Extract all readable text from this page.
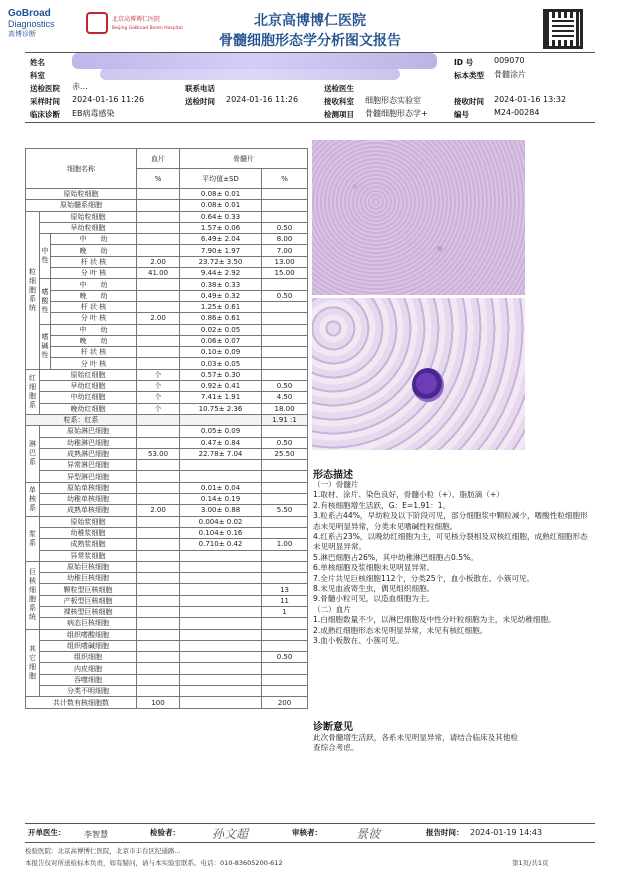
GoBroad
Diagnostics
高博诊断
北京高博博仁医院
Beijing GoBroad Boren Hospital	北京高博博仁医院
骨髓细胞形态学分析图文报告
姓名
科室
赤...
送检医院	联系电话
采样时间 2024-01-16 11:26	送检时间 2024-01-16 11:26
临床诊断 EB病毒感染
ID 号	009070
标本类型 骨髓涂片
送检医生
接收科室 细胞形态实验室	接收时间 2024-01-16 13:32
检测项目 骨髓细胞形态学+	编号	M24-00284
细胞名称			血片	骨髓片	
			%	平均值±SD	%
原始粒细胞				0.08± 0.01	
原始髓系细胞				0.08± 0.01	
粒细胞系统	原始粒细胞			0.64± 0.33	
	早幼粒细胞			1.57± 0.06	0.50
	中性	中　　幼		6.49± 2.04	8.00
		晚　　幼		7.90± 1.97	7.00
		杆 状 核	2.00	23.72± 3.50	13.00
		分 叶 核	41.00	9.44± 2.92	15.00
	嗜酸性	中　　幼		0.38± 0.33	
		晚　　幼		0.49± 0.32	0.50
		杆 状 核		1.25± 0.61	
		分 叶 核	2.00	0.86± 0.61	
	嗜碱性	中　　幼		0.02± 0.05	
		晚　　幼		0.06± 0.07	
		杆 状 核		0.10± 0.09	
		分 叶 核		0.03± 0.05	
红细胞系	原始红细胞		个	0.57± 0.30	
	早幼红细胞		个	0.92± 0.41	0.50
	中幼红细胞		个	7.41± 1.91	4.50
	晚幼红细胞		个	10.75± 2.36	18.00
粒系：红系					1.91 :1
淋巴系	原始淋巴细胞			0.05± 0.09	
	幼稚淋巴细胞			0.47± 0.84	0.50
	成熟淋巴细胞		53.00	22.78± 7.04	25.50
	异常淋巴细胞				
	异型淋巴细胞				
单核系	原始单核细胞			0.01± 0.04	
	幼稚单核细胞			0.14± 0.19	
	成熟单核细胞		2.00	3.00± 0.88	5.50
浆系	原始浆细胞			0.004± 0.02	
	幼稚浆细胞			0.104± 0.16	
	成熟浆细胞			0.710± 0.42	1.00
	异常浆细胞				
巨核细胞系统	原始巨核细胞				
	幼稚巨核细胞				
	颗粒型巨核细胞				13
	产板型巨核细胞				11
	裸核型巨核细胞				1
	病态巨核细胞				
其它细胞	组织嗜酸细胞				
	组织嗜碱细胞				
	组织细胞				0.50
	内皮细胞				
	吞噬细胞				
	分类不明细胞				
共计数有核细胞数			100		200
形态描述
（一）骨髓片
1.取材、涂片、染色良好，骨髓小粒（+）、脂肪滴（+）
2.有核细胞增生活跃，G：E=1.91：1。
3.粒系占44%，早幼粒及以下阶段可见，部分细胞浆中颗粒减少，嗜酸性粒细胞形态未见明显异常，分类未见嗜碱性粒细胞。
4.红系占23%，以晚幼红细胞为主，可见核分裂相及双核红细胞，成熟红细胞形态未见明显异常。
5.淋巴细胞占26%，其中幼稚淋巴细胞占0.5%。
6.单核细胞及浆细胞未见明显异常。
7.全片共见巨核细胞112个，分类25个，血小板散在、小簇可见。
8.未见血液寄生虫，偶见组织细胞。
9.骨髓小粒可见，以造血细胞为主。
（二）血片
1.白细胞数量不少，以淋巴细胞及中性分叶粒细胞为主，未见幼稚细胞。
2.成熟红细胞形态未见明显异常，未见有核红细胞。
3.血小板散在、小簇可见。
诊断意见
此次骨髓增生活跃，各系未见明显异常，请结合临床及其他检查综合考虑。
开单医生： 李智慧	检验者：	孙文超	审核者：	景彼	报告时间： 2024-01-19 14:43
检验医院：北京高博博仁医院，北京市丰台区纪通路...
本报告仅对所送检标本负责，如有疑问，请与本实验室联系。电话：010-83605200-612	第1页/共1页
